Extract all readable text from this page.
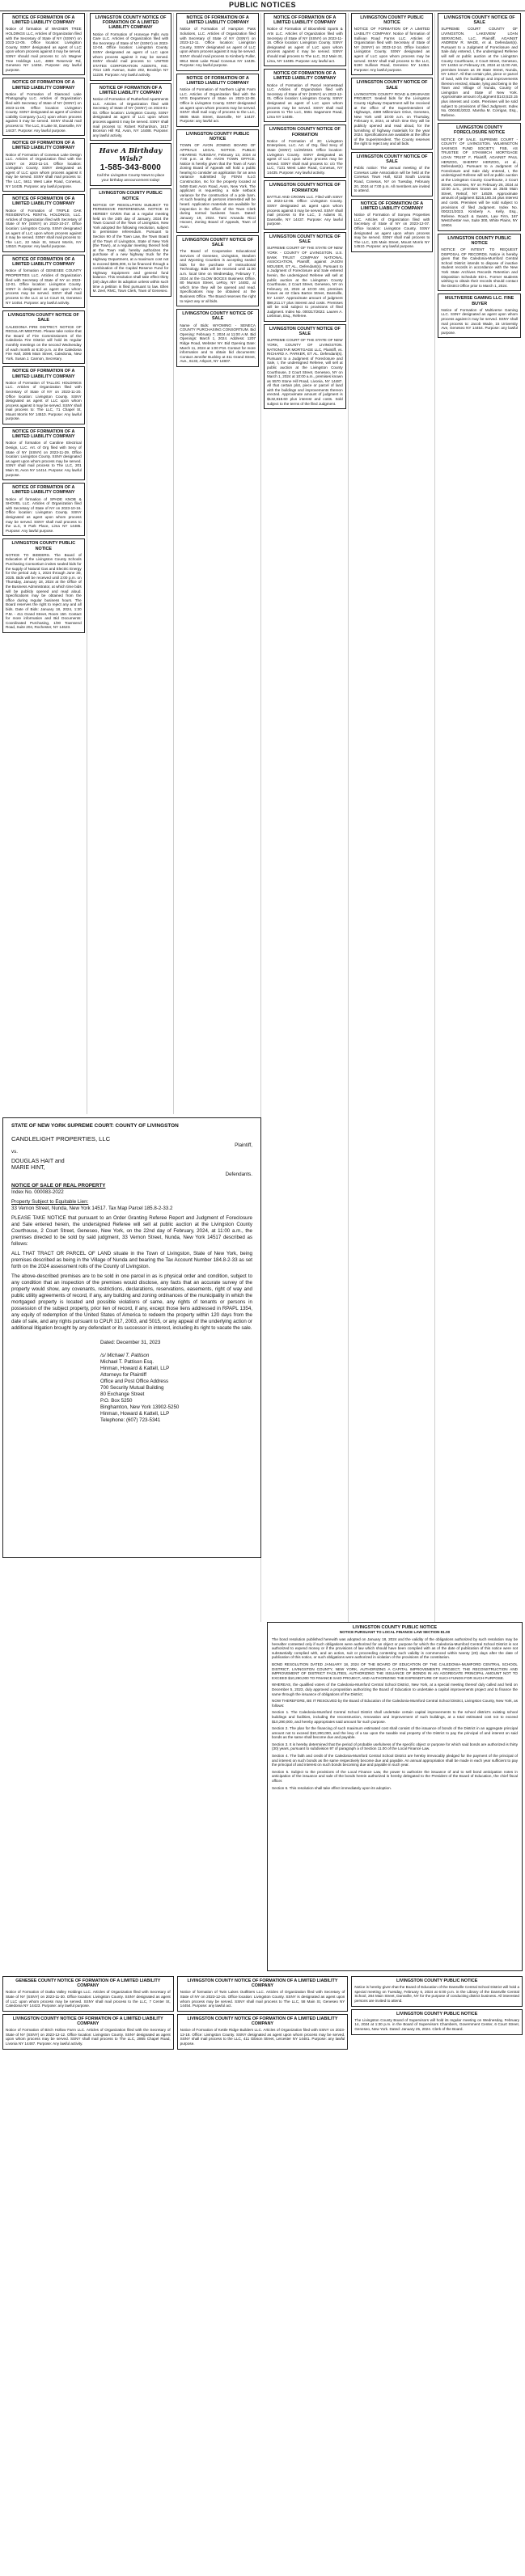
PUBLIC NOTICES
NOTICE OF FORMATION OF A LIMITED LIABILITY COMPANY

Notice of formation of WAGNER TREE HOLDINGS LLC, Articles of Organization filed with the Secretary of State of NY (SSNY) on 2023-12-05. Office location: Livingston County. SSNY designated as agent of LLC upon whom process against it may be served. SSNY should mail process to: c/o Wagner Tree Holdings LLC, 4869 Reservoir Rd, Geneseo NY 14454. Purpose: any lawful purpose.

NOTICE OF FORMATION OF A LIMITED LIABILITY COMPANY

Notice of Formation of Diamond Lake Photography LLC. Articles of Organization filed with Secretary of State of NY (SSNY) on 2023-11-09. Office location: Livingston County. SSNY designated as agent of Limited Liability Company (LLC) upon whom process against it may be served. SSNY should mail process to: The LLC, 8 Lake St, Dansville, NY 14437. Purpose: Any lawful purpose.

NOTICE OF FORMATION OF A LIMITED LIABILITY COMPANY

Notice of Formation of Conesus Lake Design LLC. Articles of Organization filed with the SSNY on 2023-11-14. Office location: Livingston County. SSNY designated as agent of LLC upon whom process against it may be served. SSNY shall mail process to: The LLC, 5611 West Lake Road, Conesus, NY 14435. Purpose: any lawful purpose.

NOTICE OF FORMATION OF A LIMITED LIABILITY COMPANY

Notice of Formation of TRIPLE OAK RESIDENTIAL RENTAL HOLDINGS, LLC. Articles of Organization filed with Secretary of State of NY (SSNY) on 2023-10-27. Office location: Livingston County. SSNY designated as agent of LLC upon whom process against it may be served. SSNY shall mail process to: The LLC, 22 Main St, Mount Morris, NY 14510. Purpose: Any lawful purpose.

NOTICE OF FORMATION OF A LIMITED LIABILITY COMPANY

Notice of formation of GENESEE COUNTY PROPERTIES LLC. Articles of Organization filed with Secretary of State of NY on 2023-12-01. Office location: Livingston County. SSNY is designated as agent upon whom process may be served. SSNY shall mail process to the LLC at 14 Court St, Geneseo NY 14454. Purpose: any lawful activity.

LIVINGSTON COUNTY NOTICE OF SALE

CALEDONIA FIRE DISTRICT. NOTICE OF REGULAR MEETING. Please take notice that the Board of Fire Commissioners of the Caledonia Fire District will hold its regular monthly meetings on the second Wednesday of each month at 6:30 p.m. at the Caledonia Fire Hall, 3095 Main Street, Caledonia, New York. Susan J. Cannon, Secretary.

NOTICE OF FORMATION OF A LIMITED LIABILITY COMPANY

Notice of Formation of TALLOC HOLDINGS LLC. Articles of Organization filed with Secretary of State of NY on 2023-11-20. Office location: Livingston County. SSNY designated as agent of LLC upon whom process against it may be served. SSNY shall mail process to: The LLC, 71 Chapel St, Mount Morris NY 14510. Purpose: Any lawful purpose.

NOTICE OF FORMATION OF A LIMITED LIABILITY COMPANY

Notice of formation of Caroline Electrical Design, LLC. Art. of Org filed with Secy of State of NY (SSNY) on 2023-11-29. Office location: Livingston County. SSNY designated as agent upon whom process may be served. SSNY shall mail process to The LLC, 201 Main St, Avon NY 14414. Purpose: Any lawful purpose.

NOTICE OF FORMATION OF A LIMITED LIABILITY COMPANY

Notice of formation of SPADE KNOB & SHOVEL LLC. Articles of Organization filed with Secretary of State of NY on 2023-10-16. Office location: Livingston County. SSNY designated as agent upon whom process may be served. SSNY shall mail process to the LLC, 9 Park Place, Lima NY 14485. Purpose: Any lawful purpose.

LIVINGSTON COUNTY PUBLIC NOTICE

NOTICE TO BIDDERS. The Board of Education of the Livingston County Schools Purchasing Consortium invites sealed bids for the supply of Natural Gas and Electric Energy for the period July 1, 2024 through June 30, 2025. Bids will be received until 2:00 p.m. on Thursday, January 18, 2024 at the Office of the Business Administrator, at which time bids will be publicly opened and read aloud. Specifications may be obtained from the office during regular business hours. The Board reserves the right to reject any and all bids. Date of Bids: January 18, 2024, 1:30 P.M. - 411 Grand Street, Room 150. Contact for more information and Bid Documents: Coordinated Purchasing, 1/00 Townsend Road, Suite 204, Rochester, NY 14623.

LIVINGSTON COUNTY NOTICE OF FORMATION OF A LIMITED LIABILITY COMPANY

Notice of Formation of Honeoye Falls Auto Care LLC. Articles of Organization filed with the Secretary of State of NY (SSNY) on 2023-12-04. Office location: Livingston County. SSNY designated as agent of LLC upon whom process against it may be served. SSNY should mail process to: UNITED STATES CORPORATION AGENTS, INC. 7014 13th Avenue, Suite 202, Brooklyn NY 11228. Purpose: Any lawful activity.

NOTICE OF FORMATION OF A LIMITED LIABILITY COMPANY

Notice of Formation of Rutherford Apartments LLC. Articles of Organization filed with Secretary of State of NY (SSNY) on 2024-01-03. Office location: Livingston County. SSNY designated as agent of LLC upon whom process against it may be served. SSNY shall mail process to: Robert Richardson, 1617 Bronson Hill Rd, Avon, NY 14488. Purpose: any lawful activity.

Have A Birthday Wish?
1-585-343-8000
Call the Livingston County News to place your birthday announcement today!
LIVINGSTON COUNTY PUBLIC NOTICE

NOTICE OF RESOLUTION SUBJECT TO PERMISSIVE REFERENDUM. NOTICE IS HEREBY GIVEN that at a regular meeting held on the 24th day of January, 2024 the Town Council of the Town of Livingston, New York adopted the following resolution, subject to permissive referendum. Pursuant to Section 90 of the Town Law, the Town Board of the Town of Livingston, State of New York (the Town), at a regular meeting thereof held at the Town Hall, hereby authorizes the purchase of a new highway truck for the Highway Department, at a maximum cost not to exceed $285,000, to be financed through a combination of the Capital Reserve Fund for Highway Equipment and general fund balance. This resolution shall take effect thirty (30) days after its adoption unless within such time a petition is filed pursuant to law. Ellen M. Zeel, RMC, Town Clerk, Town of Geneseo.

NOTICE OF FORMATION OF A LIMITED LIABILITY COMPANY

Notice of Formation of Hampton Pass Solutions, LLC. Articles of Organization filed with Secretary of State of NY (SSNY) on 2023-12-11. Office location: Livingston County. SSNY designated as agent of LLC upon whom process against it may be served. SSNY should mail process to Kimberly Fuller, 8914 West Lake Road Conesus NY 14435. Purpose: Any lawful purpose.

NOTICE OF FORMATION OF A LIMITED LIABILITY COMPANY

Notice of Formation of Northern Lights Farm LLC. Articles of Organization filed with the NYS Department of State on 2023-12-08. Office in Livingston County. SSNY designated as agent upon whom process may be served. SSNY shall mail copy of process to the LLC, 8506 Main Street, Dansville, NY 14437. Purpose: any lawful act.

LIVINGSTON COUNTY PUBLIC NOTICE

TOWN OF AVON ZONING BOARD OF APPEALS LEGAL NOTICE. PUBLIC HEARING TUESDAY, February 13, 2024 at 7:00 p.m. at the AVON TOWN OFFICE. Notice is hereby given that the Town of Avon Zoning Board of Appeals will hold a public hearing to consider an application for an area variance submitted by FENN ILLG Construction, Inc for the property located at 5459 East Avon Road, Avon, New York. The applicant is requesting a side setback variance for the construction of a pole barn. At such hearing all persons interested will be heard. Application materials are available for inspection in the office of the Town Clerk during normal business hours. Dated: January 19, 2024. Tami Amanda Ricci Hoover, Zoning Board of Appeals, Town of Avon.

LIVINGSTON COUNTY NOTICE OF SALE

The Board of Cooperative Educational Services of Genesee, Livingston, Steuben and Wyoming Counties is accepting sealed bids for the purchase of Instructional Technology. Bids will be received until 11:00 a.m. local time on Wednesday, February 7, 2024 at the GLOW BOCES Business Office, 80 Munson Street, LeRoy, NY 14482, at which time they will be opened and read. Specifications may be obtained at the Business Office. The Board reserves the right to reject any or all bids.

LIVINGSTON COUNTY NOTICE OF SALE

Name of Bids: WYOMING - SENECA COUNTY PURCHASING CONSORTIUM. Bid Opening: February 7, 2024 at 11:00 A.M. Bid Openings: March 1, 2024. Address: 1207 Ridge Road, Webster NY. Bid Opening Date: March 11, 2024 at 1:00 P.M. Contact for more information and to obtain bid documents: Contact Jennifer Buckley at 311 Grand Street, Ave., 6133, Arkport, NY 14807.

NOTICE OF FORMATION OF A LIMITED LIABILITY COMPANY

Notice of Formation of Bloomfield Sports & Arts LLC. Articles of Organization filed with Secretary of State of NY (SSNY) on 2023-11-16. Office location: Livingston County. SSNY designated as agent of LLC upon whom process against it may be served. SSNY should mail process to The LLC, 312 Main St, Lima, NY 14485. Purpose: any lawful act.

NOTICE OF FORMATION OF A LIMITED LIABILITY COMPANY

Notice of Formation of Parcel Homestead LLC. Articles of Organization filed with Secretary of State of NY (SSNY) on 2023-12-01. Office location: Livingston County. SSNY designated as agent of LLC upon whom process may be served. SSNY shall mail process to The LLC, 5551 Sagamore Road, Lima NY 14485.

LIVINGSTON COUNTY NOTICE OF FORMATION

Notice of Formation of 3C Livingston Enterprises, LLC. Art. of Org. filed Secy of State (SSNY) 11/29/2023. Office location: Livingston County. SSNY designated as agent of LLC upon whom process may be served. SSNY shall mail process to: c/o The LLC, 7131 West Lake Road, Conesus, NY 14435. Purpose: Any lawful activity.

LIVINGSTON COUNTY NOTICE OF FORMATION

BATTLE AND CROWN LLC. Filed with SSNY on 2023-12-06. Office: Livingston County. SSNY designated as agent upon whom process against it may be served. SSNY shall mail process to the LLC, 3 Adams St, Dansville, NY 14437. Purpose: Any lawful purpose.

LIVINGSTON COUNTY NOTICE OF SALE

SUPREME COURT OF THE STATE OF NEW YORK - COUNTY OF LIVINGSTON. U.S. BANK TRUST COMPANY NATIONAL ASSOCIATION, Plaintiff, against JASON MOUSER, ET AL., Defendant(s). Pursuant to a Judgment of Foreclosure and Sale entered herein, the undersigned Referee will sell at public auction at the Livingston County Courthouse, 2 Court Street, Geneseo, NY on February 22, 2024 at 10:00 AM, premises known as 42 Clara Barton Street, Dansville, NY 14437. Approximate amount of judgment $98,211.17 plus interest and costs. Premises will be sold subject to provisions of filed Judgment. Index No. 000317/2022. Lauren A. Liebman, Esq., Referee.

LIVINGSTON COUNTY NOTICE OF SALE

SUPREME COURT OF THE STATE OF NEW YORK, COUNTY OF LIVINGSTON. NATIONSTAR MORTGAGE LLC, Plaintiff, vs. RICHARD A. PARKER, ET AL. Defendant(s). Pursuant to a Judgment of Foreclosure and Sale, I, the undersigned Referee, will sell at public auction at the Livingston County Courthouse, 2 Court Street, Geneseo, NY on March 1, 2024 at 10:00 a.m., premises known as 5570 Stone Hill Road, Livonia, NY 14487. All that certain plot, piece or parcel of land with the buildings and improvements thereon erected. Approximate amount of judgment is $132,818.60 plus interest and costs. Sold subject to the terms of the filed Judgment.

LIVINGSTON COUNTY PUBLIC NOTICE

NOTICE OF FORMATION OF A LIMITED LIABILITY COMPANY. Notice of formation of Sullivan Road Farms LLC. Articles of Organization filed with Secretary of State of NY (SSNY) on 2023-12-14. Office location: Livingston County. SSNY designated as agent of LLC upon whom process may be served. SSNY shall mail process to the LLC, 6190 Sullivan Road, Geneseo NY 14454. Purpose: Any lawful purpose.

LIVINGSTON COUNTY NOTICE OF SALE

LIVINGSTON COUNTY ROAD & DRAINAGE PROJECT. Sealed bids for the Livingston County Highway Department will be received at the office of the Superintendent of Highways, 4389 Millennium Drive, Geneseo, New York until 10:00 a.m. on Thursday, February 8, 2024, at which time they will be publicly opened and read aloud, for the furnishing of highway materials for the year 2024. Specifications are available at the office of the Superintendent. The County reserves the right to reject any and all bids.

LIVINGSTON COUNTY NOTICE OF SALE

Public notice: The annual meeting of the Conesus Lake Association will be held at the Conesus Town Hall, 6210 South Livonia Road, Conesus, NY on Tuesday, February 20, 2024 at 7:00 p.m. All members are invited to attend.

NOTICE OF FORMATION OF A LIMITED LIABILITY COMPANY

Notice of Formation of Sonyea Properties LLC. Articles of Organization filed with Secretary of State of NY on 2023-12-07. Office location: Livingston County. SSNY designated as agent upon whom process may be served. SSNY shall mail process to The LLC, 125 Main Street, Mount Morris NY 14510. Purpose: any lawful purpose.

LIVINGSTON COUNTY NOTICE OF SALE

SUPREME COURT COUNTY OF LIVINGSTON. LAKEVIEW LOAN SERVICING, LLC, Plaintiff, AGAINST ANDREW R. WADE, et al. Defendant(s). Pursuant to a Judgment of Foreclosure and Sale duly entered, I, the undersigned Referee will sell at public auction at the Livingston County Courthouse, 2 Court Street, Geneseo, NY 14454 on February 29, 2024 at 11:00 AM, premises known as 39 State Street, Nunda, NY 14517. All that certain plot, piece or parcel of land, with the buildings and improvements thereon erected, situate, lying and being in the Town and Village of Nunda, County of Livingston and State of New York. Approximate amount of judgment $143,523.15 plus interest and costs. Premises will be sold subject to provisions of filed Judgment. Index No. 000481/2022. Marsha M. Corrigan, Esq., Referee.

LIVINGSTON COUNTY FORECLOSURE NOTICE

NOTICE OF SALE. SUPREME COURT - COUNTY OF LIVINGSTON. WILMINGTON SAVINGS FUND SOCIETY, FSB, AS TRUSTEE OF STANWICH MORTGAGE LOAN TRUST F, Plaintiff, AGAINST PAUL HERZOG, SHERRY HERZOG, et al., Defendant(s). Pursuant to a Judgment of Foreclosure and Sale duly entered, I, the undersigned Referee will sell at public auction at the Livingston County Courthouse, 2 Court Street, Geneseo, NY on February 26, 2024 at 10:00 a.m., premises known as 3545 Main Street, Retsof, NY 14539. Approximate amount of judgment $215,180.24 plus interest and costs. Premises will be sold subject to provisions of filed Judgment. Index No. 000221/2023. Kimberly A. Kelly, Esq., Referee. Roach & Swarts, Law Firm, 167 Westchester Ave, Suite 300, White Plains, NY 10604.

LIVINGSTON COUNTY PUBLIC NOTICE

NOTICE OF INTENT TO REQUEST DISPOSAL OF RECORDS. Notice is hereby given that the Caledonia-Mumford Central School District intends to dispose of inactive student records in accordance with the New York State Archives Records Retention and Disposition Schedule ED-1. Former students wishing to obtain their records should contact the District Office prior to March 1, 2024.

MULTIVERSE GAMING LLC. FINE BUYER

Notice of Formation of Multiverse Gaming LLC. SSNY designated as agent upon whom process against it may be served. SSNY shall mail process to: Jacob Wade, 15 University Ave, Geneseo NY 14454. Purpose: any lawful purpose.

STATE OF NEW YORK SUPREME COURT: COUNTY OF LIVINGSTON
CANDLELIGHT PROPERTIES, LLC
Plaintiff,
vs.
DOUGLAS HAIT and
MARIE HINT,
Defendants.
NOTICE OF SALE OF REAL PROPERTY
Index No. 000083-2022
Property Subject to Equitable Lien:
33 Vernon Street, Nunda, New York 14517. Tax Map Parcel 185.8-2-33.2

PLEASE TAKE NOTICE that pursuant to an Order Granting Referee Report and Judgment of Foreclosure and Sale entered herein, the undersigned Referee will sell at public auction at the Livingston County Courthouse, 2 Court Street, Geneseo, New York, on the 22nd day of February, 2024, at 11:00 a.m., the premises directed to be sold by said judgment, 33 Vernon Street, Nunda, New York 14517 described as follows:

ALL THAT TRACT OR PARCEL OF LAND situate in the Town of Livingston, State of New York, being premises described as being in the Village of Nunda and bearing the Tax Account Number 184.8-2-33 as set forth on the 2024 assessment rolls of the County of Livingston.

The above-described premises are to be sold in one parcel in as is physical order and condition, subject to any condition that an inspection of the premises would disclose, any facts that an accurate survey of the property would show, any covenants, restrictions, declarations, reservations, easements, right of way and public utility agreements of record, if any, any building and zoning ordinances of the municipality in which the mortgaged property is located and possible violations of same, any rights of tenants or persons in possession of the subject property, prior lien of record, if any, except those liens addressed in RPAPL 1354, any equity of redemption of the United States of America to redeem the property within 120 days from the date of sale, and any rights pursuant to CPLR 317, 2003, and 5015, or any appeal of the underlying action or additional litigation brought by any defendant or its successor in interest, including its right to vacate the sale.

Dated: December 31, 2023
/s/ Michael T. Pattison
Michael T. Pattison Esq.
Hinman, Howard & Kattell, LLP
Attorneys for Plaintiff
Office and Post Office Address
700 Security Mutual Building
80 Exchange Street
P.O. Box 5250
Binghamton, New York 13902-5250
Hinman, Howard & Kattell, LLP
Telephone: (607) 723-5341
LIVINGSTON COUNTY PUBLIC NOTICE
NOTICE PURSUANT TO LOCAL FINANCE LAW SECTION 81.00

The bond resolution published herewith was adopted on January 18, 2024 and the validity of the obligations authorized by such resolution may be hereafter contested only if such obligations were authorized for an object or purpose for which the Caledonia-Mumford Central School District is not authorized to expend money or if the provisions of law which should have been complied with as of the date of publication of this notice were not substantially complied with, and an action, suit or proceeding contesting such validity is commenced within twenty (20) days after the date of publication of this notice, or such obligations were authorized in violation of the provisions of the constitution.

BOND RESOLUTION DATED JANUARY 18, 2024 OF THE BOARD OF EDUCATION OF THE CALEDONIA-MUMFORD CENTRAL SCHOOL DISTRICT, LIVINGSTON COUNTY, NEW YORK, AUTHORIZING A CAPITAL IMPROVEMENTS PROJECT, THE RECONSTRUCTION AND IMPROVEMENT OF DISTRICT FACILITIES, AUTHORIZING THE ISSUANCE OF BONDS IN AN AGGREGATE PRINCIPAL AMOUNT NOT TO EXCEED $10,290,000 TO FINANCE SAID PROJECT, AND AUTHORIZING THE EXPENDITURE OF SUCH FUNDS FOR SUCH PURPOSE.

WHEREAS, the qualified voters of the Caledonia-Mumford Central School District, New York, at a special meeting thereof duly called and held on December 5, 2023, duly approved a proposition authorizing the Board of Education to undertake a capital improvements project and to finance the same through the issuance of obligations of the District;

NOW THEREFORE, BE IT RESOLVED by the Board of Education of the Caledonia-Mumford Central School District, Livingston County, New York, as follows:

Section 1. The Caledonia-Mumford Central School District shall undertake certain capital improvements to the school district's existing school buildings and facilities, including the reconstruction, renovation and improvement of such buildings, at a total estimated cost not to exceed $10,290,000, and hereby appropriates said amount for such purpose.

Section 2. The plan for the financing of such maximum estimated cost shall consist of the issuance of bonds of the District in an aggregate principal amount not to exceed $10,290,000, and the levy of a tax upon the taxable real property of the District to pay the principal of and interest on said bonds as the same shall become due and payable.

Section 3. It is hereby determined that the period of probable usefulness of the specific object or purpose for which said bonds are authorized is thirty (30) years, pursuant to subdivision 97 of paragraph a of Section 11.00 of the Local Finance Law.

Section 4. The faith and credit of the Caledonia-Mumford Central School District are hereby irrevocably pledged for the payment of the principal of and interest on such bonds as the same respectively become due and payable. An annual appropriation shall be made in each year sufficient to pay the principal of and interest on such bonds becoming due and payable in such year.

Section 5. Subject to the provisions of the Local Finance Law, the power to authorize the issuance of and to sell bond anticipation notes in anticipation of the issuance and sale of the bonds herein authorized is hereby delegated to the President of the Board of Education, the chief fiscal officer.

Section 6. This resolution shall take effect immediately upon its adoption.

GENESEE COUNTY NOTICE OF FORMATION OF A LIMITED LIABILITY COMPANY

Notice of Formation of Oatka Valley Holdings LLC. Articles of Organization filed with Secretary of State of NY (SSNY) on 2023-11-30. Office location: Livingston County. SSNY designated as agent of LLC upon whom process may be served. SSNY shall mail process to the LLC, 7 Center St, Caledonia NY 14423. Purpose: any lawful purpose.

LIVINGSTON COUNTY NOTICE OF FORMATION OF A LIMITED LIABILITY COMPANY

Notice of Formation of Birch Hollow Farm LLC. Articles of Organization filed with the Secretary of State of NY (SSNY) on 2023-12-12. Office location: Livingston County. SSNY designated as agent upon whom process may be served. SSNY shall mail process to The LLC, 2865 Chapel Road, Livonia NY 14487. Purpose: Any lawful activity.

LIVINGSTON COUNTY NOTICE OF FORMATION OF A LIMITED LIABILITY COMPANY

Notice of formation of Twin Lakes Outfitters LLC. Articles of Organization filed with Secretary of State of NY on 2023-12-15. Office location: Livingston County. SSNY is designated as agent upon whom process may be served. SSNY shall mail process to The LLC, 58 Main St, Geneseo NY 14454. Purpose: any lawful act.

LIVINGSTON COUNTY NOTICE OF FORMATION OF A LIMITED LIABILITY COMPANY

Notice of Formation of Kettle Ridge Builders LLC. Articles of Organization filed with SSNY on 2023-12-18. Office: Livingston County. SSNY designated as agent upon whom process may be served. SSNY shall mail process to the LLC, 411 Gibson Street, Leicester NY 14481. Purpose: any lawful purpose.

LIVINGSTON COUNTY PUBLIC NOTICE

Notice is hereby given that the Board of Education of the Dansville Central School District will hold a special meeting on Tuesday, February 6, 2024 at 6:00 p.m. in the Library of the Dansville Central School, 284 Main Street, Dansville, NY for the purpose of conducting district business. All interested persons are invited to attend.

LIVINGSTON COUNTY PUBLIC NOTICE

The Livingston County Board of Supervisors will hold its regular meeting on Wednesday, February 14, 2024 at 1:30 p.m. in the Board of Supervisors Chambers, Government Center, 6 Court Street, Geneseo, New York. Dated: January 25, 2024. Clerk of the Board.
